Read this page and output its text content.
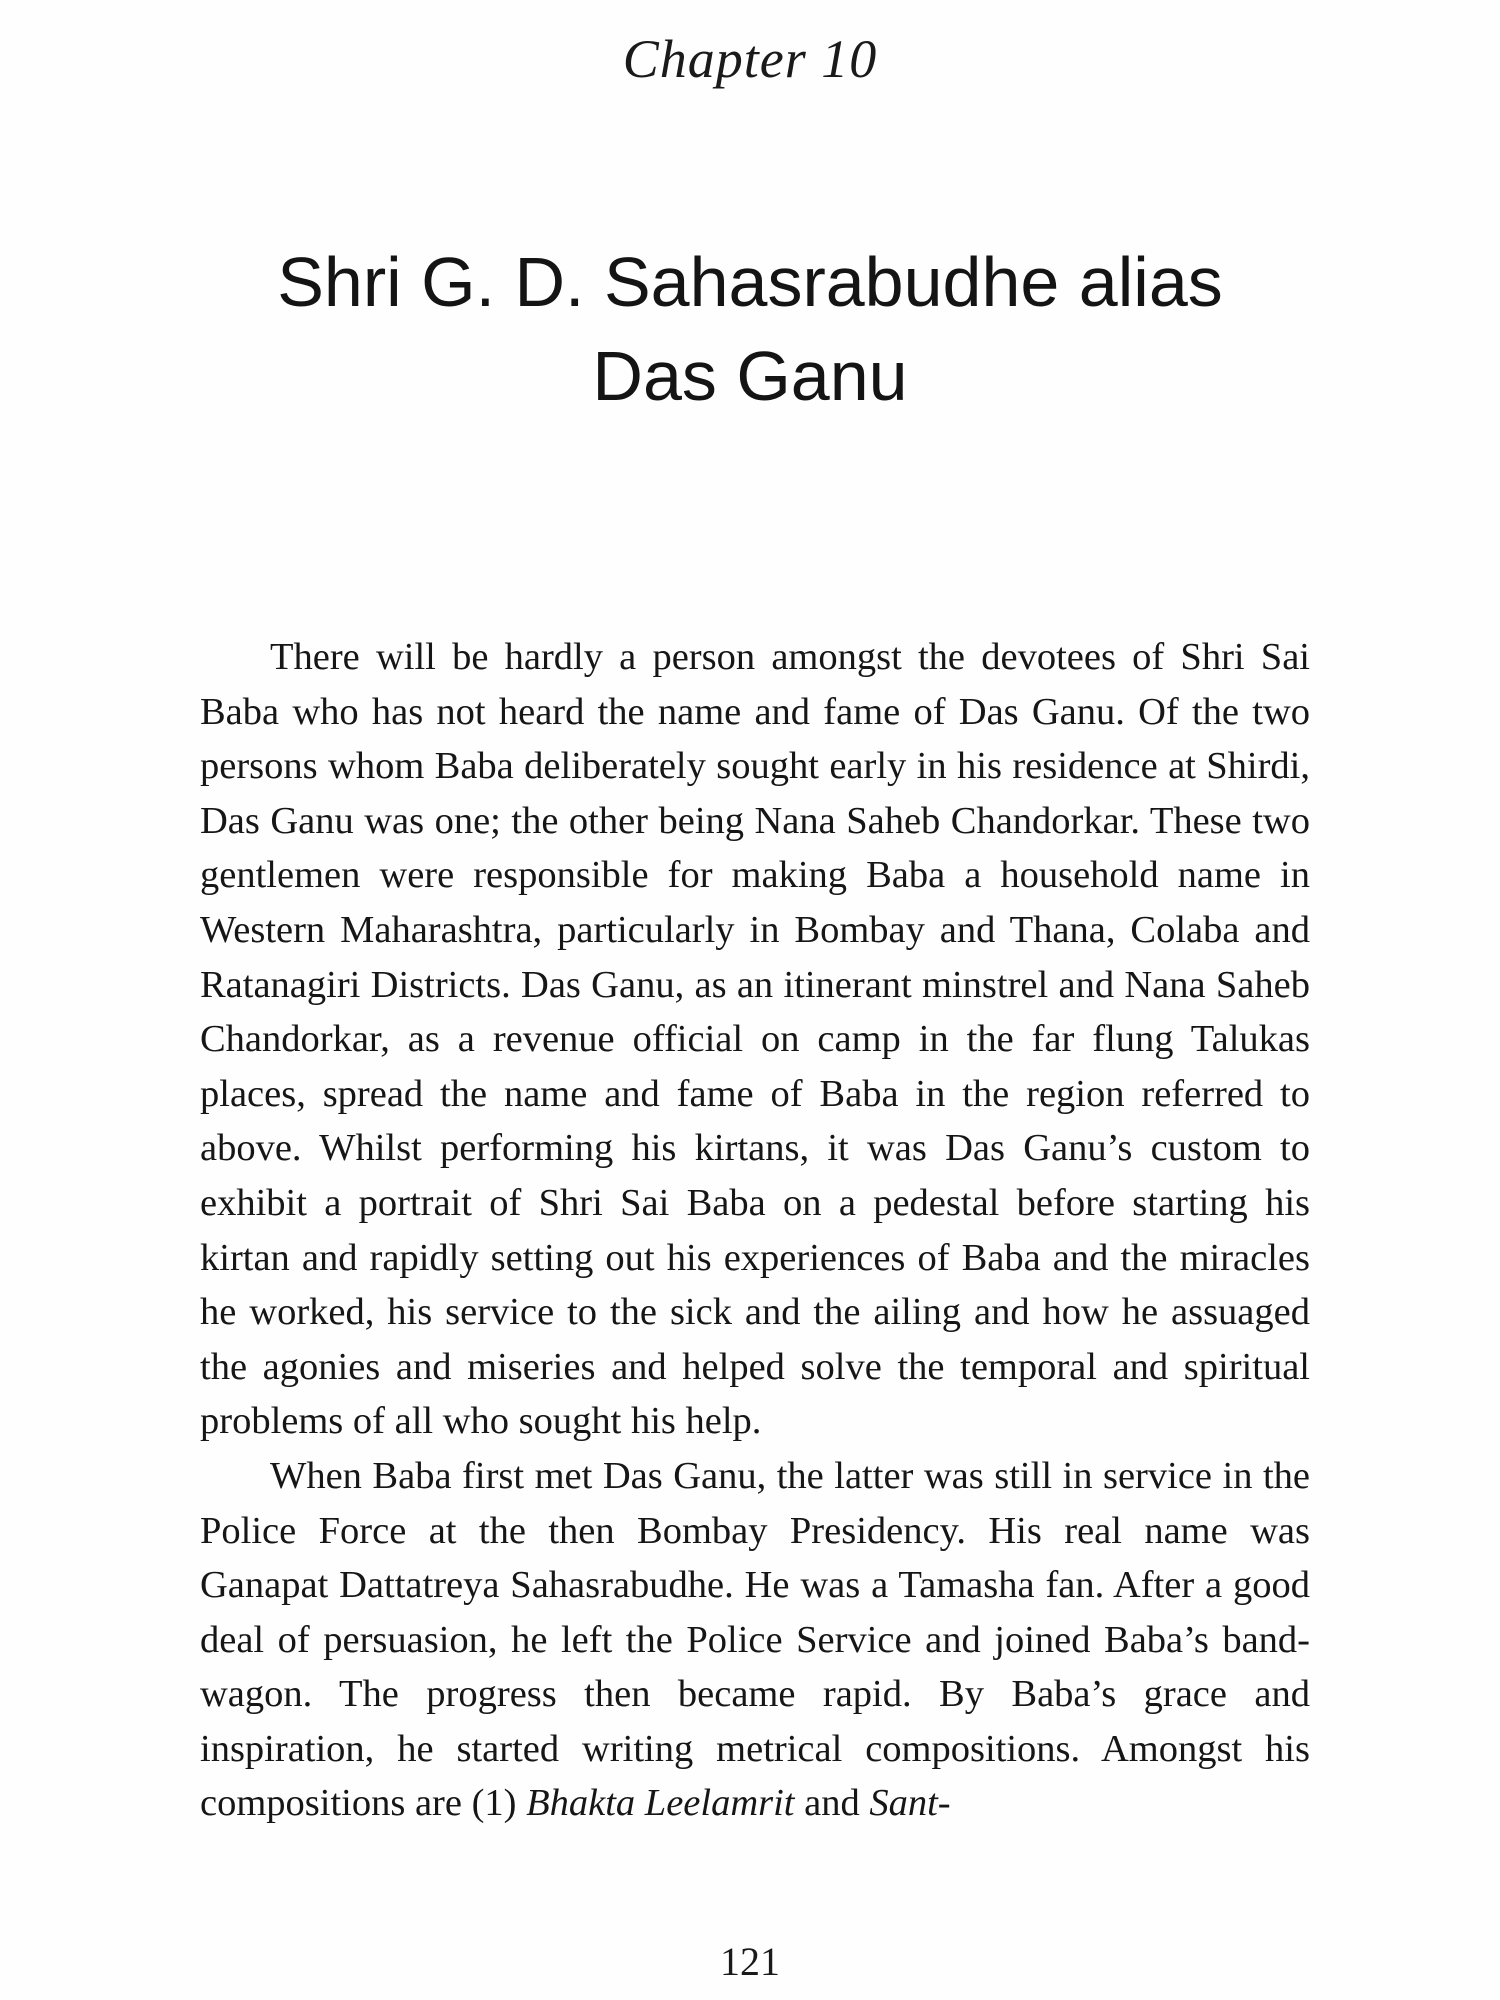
Chapter 10
Shri G. D. Sahasrabudhe alias
Das Ganu

There will be hardly a person amongst the devotees of Shri Sai Baba who has not heard the name and fame of Das Ganu. Of the two persons whom Baba deliberately sought early in his residence at Shirdi, Das Ganu was one; the other being Nana Saheb Chandorkar. These two gentlemen were responsible for making Baba a household name in Western Maharashtra, particularly in Bombay and Thana, Colaba and Ratanagiri Districts. Das Ganu, as an itinerant minstrel and Nana Saheb Chandorkar, as a revenue official on camp in the far flung Talukas places, spread the name and fame of Baba in the region referred to above. Whilst performing his kirtans, it was Das Ganu’s custom to exhibit a portrait of Shri Sai Baba on a pedestal before starting his kirtan and rapidly setting out his experiences of Baba and the miracles he worked, his service to the sick and the ailing and how he assuaged the agonies and miseries and helped solve the temporal and spiritual problems of all who sought his help.

When Baba first met Das Ganu, the latter was still in service in the Police Force at the then Bombay Presidency. His real name was Ganapat Dattatreya Sahasrabudhe. He was a Tamasha fan. After a good deal of persuasion, he left the Police Service and joined Baba’s band-wagon. The progress then became rapid. By Baba’s grace and inspiration, he started writing metrical compositions. Amongst his compositions are (1) Bhakta Leelamrit and Sant-

121
